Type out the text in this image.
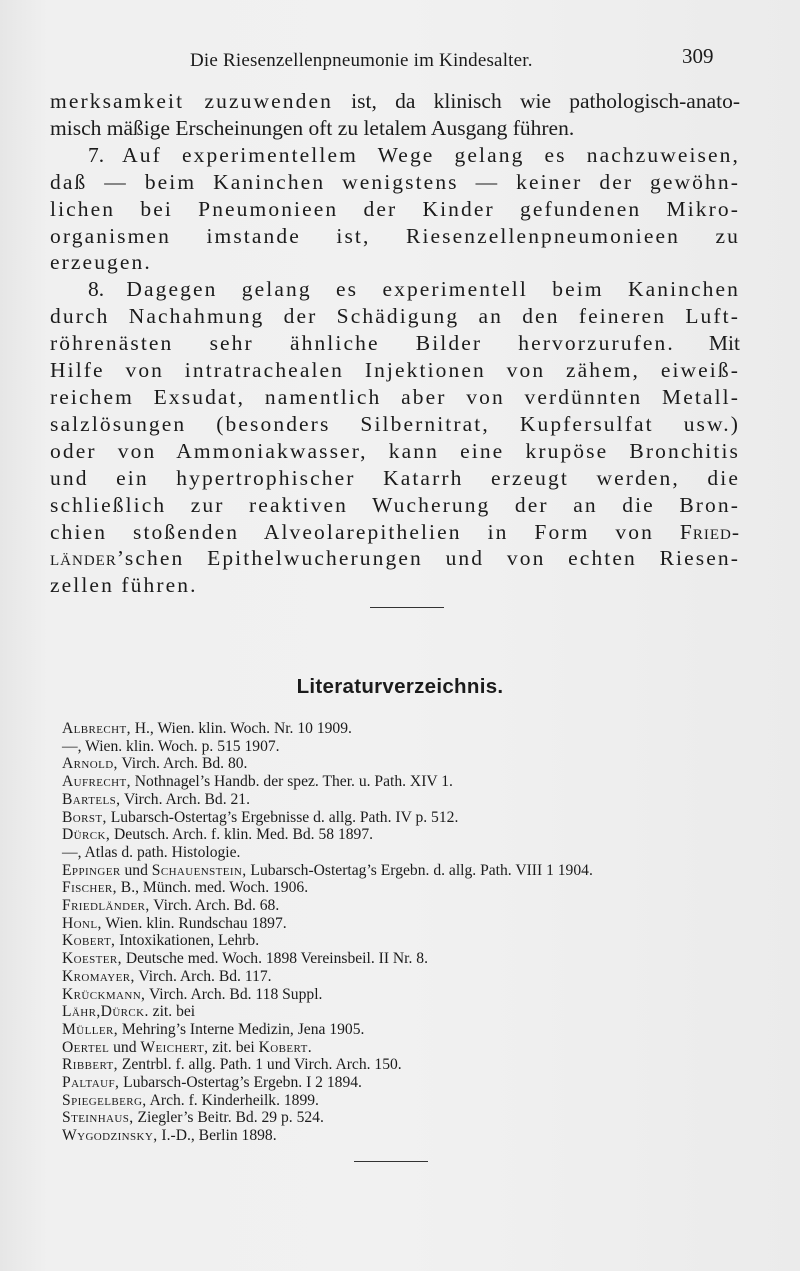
Die Riesenzellenpneumonie im Kindesalter.	309
merksamkeit zuzuwenden ist, da klinisch wie pathologisch-anato-
misch mäßige Erscheinungen oft zu letalem Ausgang führen.
7. Auf experimentellem Wege gelang es nachzuweisen,
daß — beim Kaninchen wenigstens — keiner der gewöhn-
lichen bei Pneumonieen der Kinder gefundenen Mikro-
organismen imstande ist, Riesenzellenpneumonieen zu
erzeugen.
8. Dagegen gelang es experimentell beim Kaninchen
durch Nachahmung der Schädigung an den feineren Luft-
röhrenästen sehr ähnliche Bilder hervorzurufen. Mit
Hilfe von intratrachealen Injektionen von zähem, eiweiß-
reichem Exsudat, namentlich aber von verdünnten Metall-
salzlösungen (besonders Silbernitrat, Kupfersulfat usw.)
oder von Ammoniakwasser, kann eine krupöse Bronchitis
und ein hypertrophischer Katarrh erzeugt werden, die
schließlich zur reaktiven Wucherung der an die Bron-
chien stoßenden Alveolarepithelien in Form von Fried-
länder’schen Epithelwucherungen und von echten Riesen-
zellen führen.
Literaturverzeichnis.
Albrecht, H., Wien. klin. Woch. Nr. 10 1909.
—, Wien. klin. Woch. p. 515 1907.
Arnold, Virch. Arch. Bd. 80.
Aufrecht, Nothnagel’s Handb. der spez. Ther. u. Path. XIV 1.
Bartels, Virch. Arch. Bd. 21.
Borst, Lubarsch-Ostertag’s Ergebnisse d. allg. Path. IV p. 512.
Dürck, Deutsch. Arch. f. klin. Med. Bd. 58 1897.
—, Atlas d. path. Histologie.
Eppinger und Schauenstein, Lubarsch-Ostertag’s Ergebn. d. allg. Path. VIII 1 1904.
Fischer, B., Münch. med. Woch. 1906.
Friedländer, Virch. Arch. Bd. 68.
Honl, Wien. klin. Rundschau 1897.
Kobert, Intoxikationen, Lehrb.
Koester, Deutsche med. Woch. 1898 Vereinsbeil. II Nr. 8.
Kromayer, Virch. Arch. Bd. 117.
Krückmann, Virch. Arch. Bd. 118 Suppl.
Lähr,Dürck. zit. bei
Müller, Mehring’s Interne Medizin, Jena 1905.
Oertel und Weichert, zit. bei Kobert.
Ribbert, Zentrbl. f. allg. Path. 1 und Virch. Arch. 150.
Paltauf, Lubarsch-Ostertag’s Ergebn. I 2 1894.
Spiegelberg, Arch. f. Kinderheilk. 1899.
Steinhaus, Ziegler’s Beitr. Bd. 29 p. 524.
Wygodzinsky, I.-D., Berlin 1898.
